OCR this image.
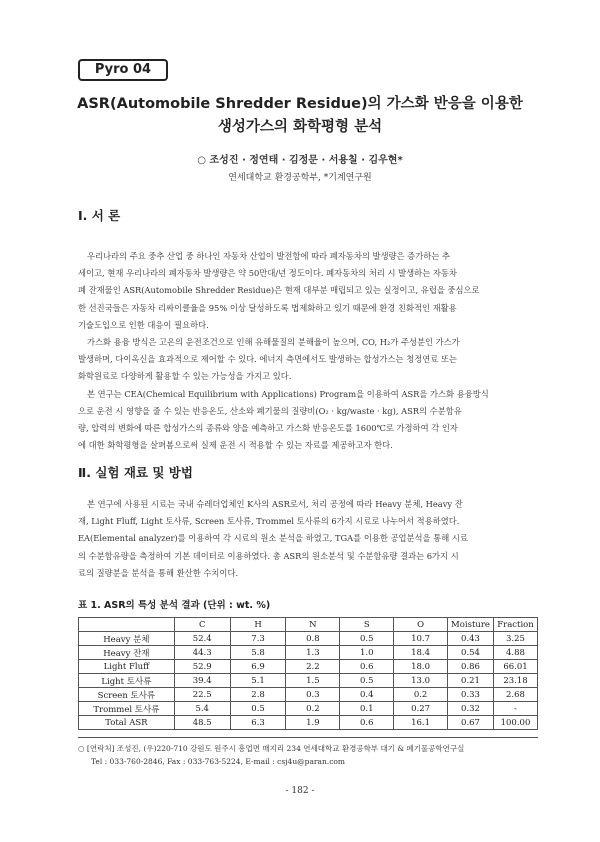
Pyro 04
ASR(Automobile Shredder Residue)의 가스화 반응을 이용한
생성가스의 화학평형 분석
○ 조성진 · 정연태 · 김정문 · 서용칠 · 김우현*
연세대학교 환경공학부, *기계연구원
Ⅰ. 서 론
우리나라의 주요 중추 산업 중 하나인 자동차 산업이 발전함에 따라 폐자동차의 발생량은 증가하는 추
세이고, 현재 우리나라의 폐자동차 발생량은 약 50만대/년 정도이다. 폐자동차의 처리 시 발생하는 자동차
폐 잔재물인 ASR(Automobile Shredder Residue)은 현재 대부분 매립되고 있는 실정이고, 유럽을 중심으로
한 선진국들은 자동차 리싸이클율을 95% 이상 달성하도록 법제화하고 있기 때문에 환경 친화적인 재활용
기술도입으로 인한 대응이 필요하다.
가스화 용융 방식은 고온의 운전조건으로 인해 유해물질의 분해율이 높으며, CO, H₂가 주성분인 가스가
발생하며, 다이옥신을 효과적으로 제어할 수 있다. 에너지 측면에서도 발생하는 합성가스는 청정연료 또는
화학원료로 다양하게 활용할 수 있는 가능성을 가지고 있다.
본 연구는 CEA(Chemical Equilibrium with Applications) Program을 이용하여 ASR을 가스화 용융방식
으로 운전 시 영향을 줄 수 있는 반응온도, 산소와 폐기물의 질량비(O₂ · kg/waste · kg), ASR의 수분함유
량, 압력의 변화에 따른 합성가스의 종류와 양을 예측하고 가스화 반응온도를 1600℃로 가정하여 각 인자
에 대한 화학평형을 살펴봄으로써 실제 운전 시 적용할 수 있는 자료를 제공하고자 한다.
Ⅱ. 실험 재료 및 방법
본 연구에 사용된 시료는 국내 슈레더업체인 K사의 ASR로서, 처리 공정에 따라 Heavy 분체, Heavy 잔
재, Light Fluff, Light 토사류, Screen 토사류, Trommel 토사류의 6가지 시료로 나누어서 적용하였다.
EA(Elemental analyzer)를 이용하여 각 시료의 원소 분석을 하였고, TGA를 이용한 공업분석을 통해 시료
의 수분함유량을 측정하여 기본 데이터로 이용하였다. 총 ASR의 원소분석 및 수분함유량 결과는 6가지 시
료의 질량분을 분석을 통해 환산한 수치이다.
표 1. ASR의 특성 분석 결과 (단위 : wt. %)
	C	H	N	S	O	Moisture	Fraction
Heavy 분체	52.4	7.3	0.8	0.5	10.7	0.43	3.25
Heavy 잔재	44.3	5.8	1.3	1.0	18.4	0.54	4.88
Light Fluff	52.9	6.9	2.2	0.6	18.0	0.86	66.01
Light 토사류	39.4	5.1	1.5	0.5	13.0	0.21	23.18
Screen 토사류	22.5	2.8	0.3	0.4	0.2	0.33	2.68
Trommel 토사류	5.4	0.5	0.2	0.1	0.27	0.32	-
Total ASR	48.5	6.3	1.9	0.6	16.1	0.67	100.00
○ [연락처] 조성진, (우)220-710 강원도 원주시 흥업면 매지리 234 연세대학교 환경공학부 대기 & 폐기물공학연구실
Tel : 033-760-2846, Fax : 033-763-5224, E-mail : csj4u@paran.com
- 182 -
